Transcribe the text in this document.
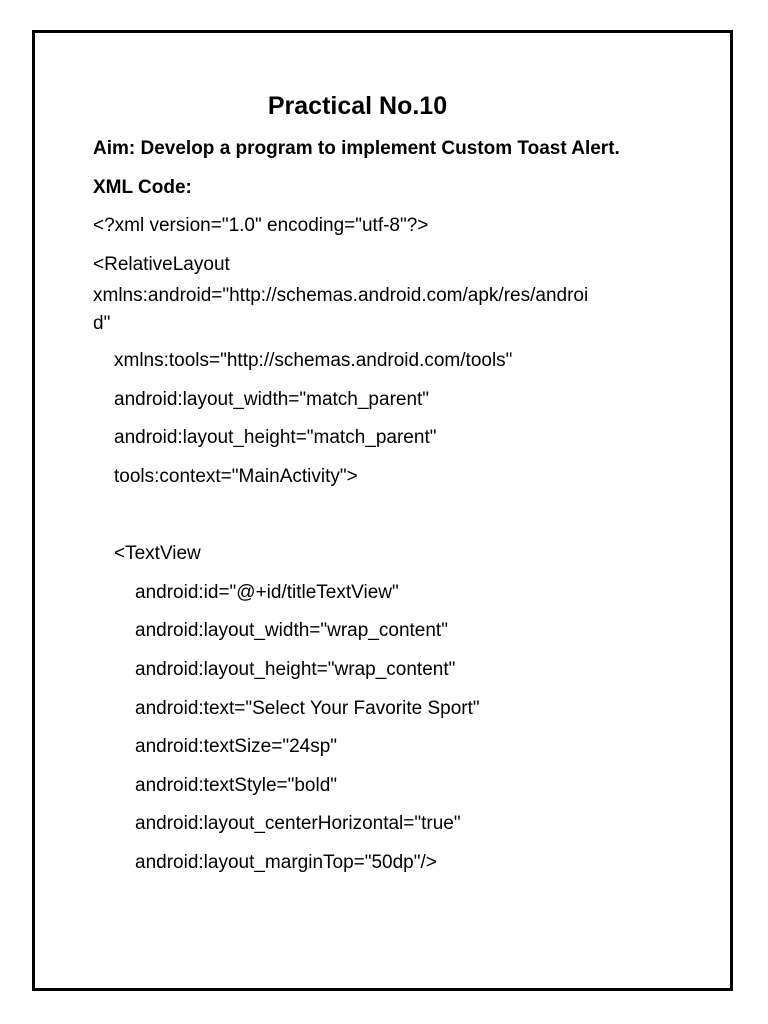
Practical No.10
Aim: Develop a program to implement Custom Toast Alert.
XML Code:
<?xml version="1.0" encoding="utf-8"?>
<RelativeLayout
xmlns:android="http://schemas.android.com/apk/res/androi
d"
xmlns:tools="http://schemas.android.com/tools"
android:layout_width="match_parent"
android:layout_height="match_parent"
tools:context="MainActivity">
<TextView
android:id="@+id/titleTextView"
android:layout_width="wrap_content"
android:layout_height="wrap_content"
android:text="Select Your Favorite Sport"
android:textSize="24sp"
android:textStyle="bold"
android:layout_centerHorizontal="true"
android:layout_marginTop="50dp"/>
